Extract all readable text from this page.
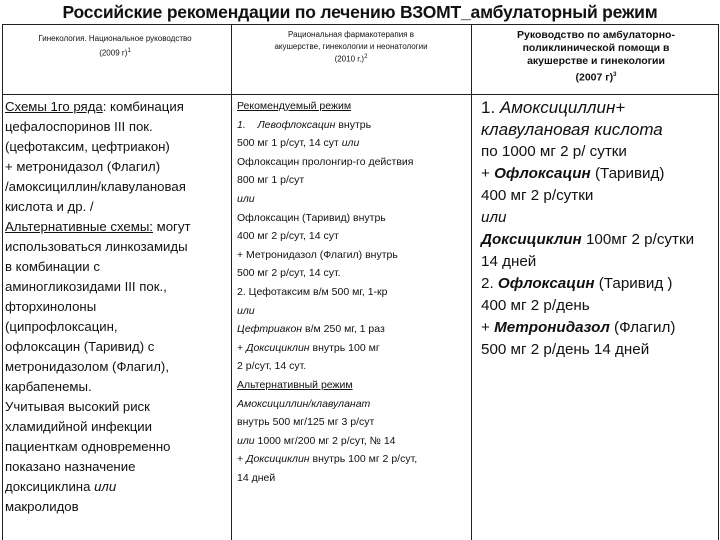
Российские рекомендации по лечению ВЗОМТ_амбулаторный режим
Гинекология. Национальное руководство
(2009 г)$^1$
Рациональная фармакотерапия в
акушерстве, гинекологии и неонатологии
(2010 г.)$^2$
Руководство по амбулаторно-
поликлинической помощи в
акушерстве и гинекологии
(2007 г)$^3$
Схемы 1го ряда: комбинация
цефалоспоринов III пок.
(цефотаксим, цефтриакон)
+ метронидазол (Флагил)
/амоксициллин/клавулановая
кислота и др. /
Альтернативные схемы: могут
использоваться линкозамиды
в комбинации с
аминогликозидами III пок.,
фторхинолоны
(ципрофлоксацин,
офлоксацин (Таривид) с
метронидазолом (Флагил),
карбапенемы.
Учитывая высокий риск
хламидийной инфекции
пациенткам одновременно
показано назначение
доксициклина или
макролидов
Рекомендуемый режим
1. Левофлоксацин внутрь
500 мг 1 р/сут, 14 сут или
Офлоксацин пролонгир-го действия
800 мг 1 р/сут
или
Офлоксацин (Таривид) внутрь
400 мг 2 р/сут, 14 сут
+ Метронидазол (Флагил) внутрь
500 мг 2 р/сут, 14 сут.
2. Цефотаксим в/м 500 мг, 1-кр
или
Цефтриакон в/м 250 мг, 1 раз
+ Доксициклин внутрь 100 мг
2 р/сут, 14 сут.
Альтернативный режим
Амоксициллин/клавуланат
внутрь 500 мг/125 мг 3 р/сут
или 1000 мг/200 мг 2 р/сут, № 14
+ Доксициклин внутрь 100 мг 2 р/сут,
14 дней
1. Амоксициллин+
клавулановая кислота
по 1000 мг 2 р/ сутки
+ Офлоксацин (Таривид)
400 мг 2 р/сутки
или
Доксициклин 100мг 2 р/сутки
14 дней
2. Офлоксацин (Таривид )
400 мг 2 р/день
+ Метронидазол (Флагил)
500 мг 2 р/день 14 дней
